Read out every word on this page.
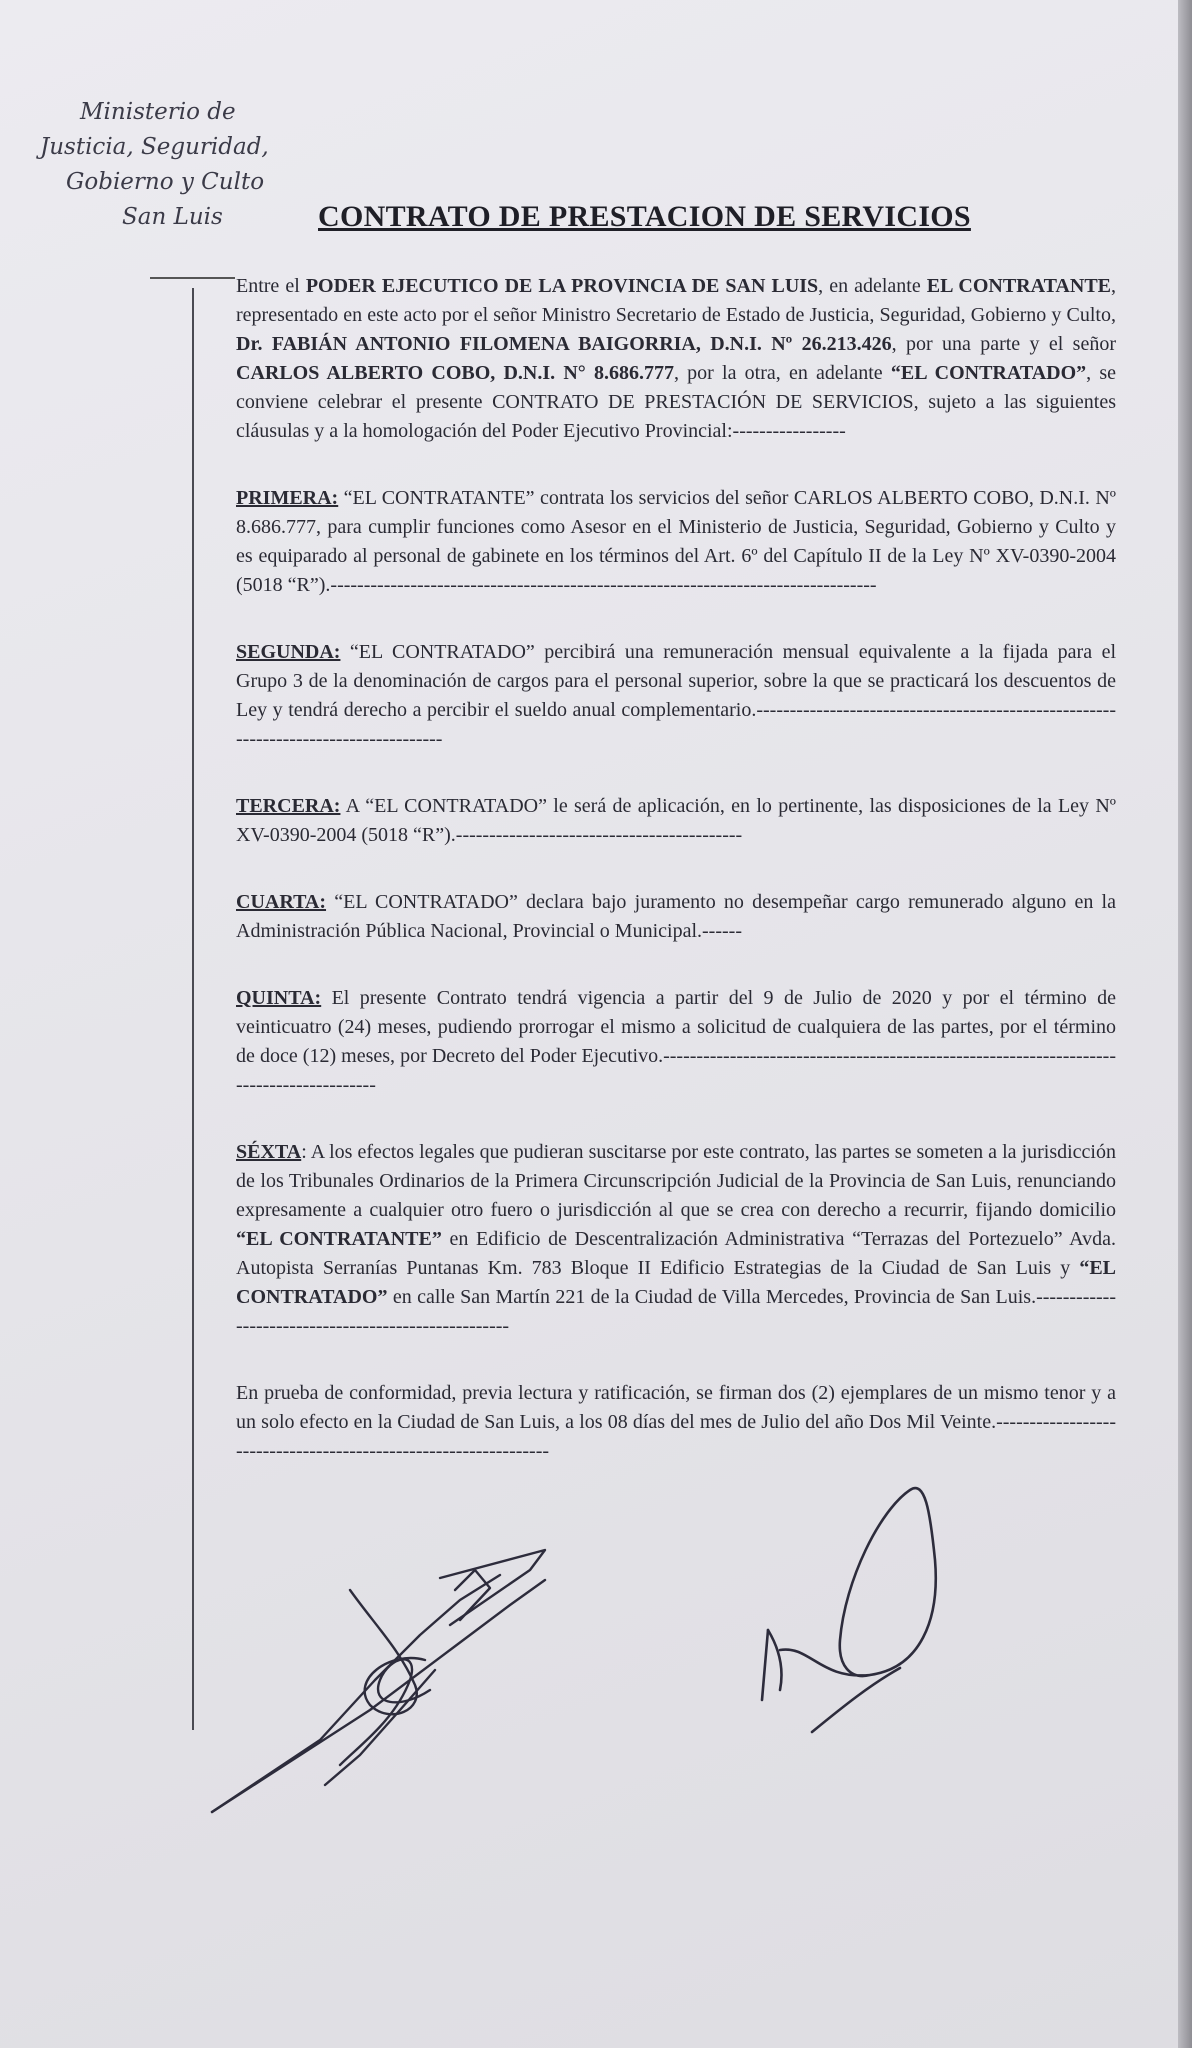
Ministerio de
Justicia, Seguridad,
Gobierno y Culto
San Luis	CONTRATO DE PRESTACION DE SERVICIOS

Entre el PODER EJECUTICO DE LA PROVINCIA DE SAN LUIS, en adelante EL CONTRATANTE, representado en este acto por el señor Ministro Secretario de Estado de Justicia, Seguridad, Gobierno y Culto, Dr. FABIÁN ANTONIO FILOMENA BAIGORRIA, D.N.I. Nº 26.213.426, por una parte y el señor CARLOS ALBERTO COBO, D.N.I. N° 8.686.777, por la otra, en adelante “EL CONTRATADO”, se conviene celebrar el presente CONTRATO DE PRESTACIÓN DE SERVICIOS, sujeto a las siguientes cláusulas y a la homologación del Poder Ejecutivo Provincial:-----------------

PRIMERA: “EL CONTRATANTE” contrata los servicios del señor CARLOS ALBERTO COBO, D.N.I. Nº 8.686.777, para cumplir funciones como Asesor en el Ministerio de Justicia, Seguridad, Gobierno y Culto y es equiparado al personal de gabinete en los términos del Art. 6º del Capítulo II de la Ley Nº XV-0390-2004 (5018 “R”).----------------------------------------------------------------------------------

SEGUNDA: “EL CONTRATADO” percibirá una remuneración mensual equivalente a la fijada para el Grupo 3 de la denominación de cargos para el personal superior, sobre la que se practicará los descuentos de Ley y tendrá derecho a percibir el sueldo anual complementario.-------------------------------------------------------------------------------------

TERCERA: A “EL CONTRATADO” le será de aplicación, en lo pertinente, las disposiciones de la Ley Nº XV-0390-2004 (5018 “R”).-------------------------------------------

CUARTA: “EL CONTRATADO” declara bajo juramento no desempeñar cargo remunerado alguno en la Administración Pública Nacional, Provincial o Municipal.------

QUINTA: El presente Contrato tendrá vigencia a partir del 9 de Julio de 2020 y por el término de veinticuatro (24) meses, pudiendo prorrogar el mismo a solicitud de cualquiera de las partes, por el término de doce (12) meses, por Decreto del Poder Ejecutivo.-----------------------------------------------------------------------------------------

SÉXTA: A los efectos legales que pudieran suscitarse por este contrato, las partes se someten a la jurisdicción de los Tribunales Ordinarios de la Primera Circunscripción Judicial de la Provincia de San Luis, renunciando expresamente a cualquier otro fuero o jurisdicción al que se crea con derecho a recurrir, fijando domicilio “EL CONTRATANTE” en Edificio de Descentralización Administrativa “Terrazas del Portezuelo” Avda. Autopista Serranías Puntanas Km. 783 Bloque II Edificio Estrategias de la Ciudad de San Luis y “EL CONTRATADO” en calle San Martín 221 de la Ciudad de Villa Mercedes, Provincia de San Luis.-----------------------------------------------------

En prueba de conformidad, previa lectura y ratificación, se firman dos (2) ejemplares de un mismo tenor y a un solo efecto en la Ciudad de San Luis, a los 08 días del mes de Julio del año Dos Mil Veinte.-----------------------------------------------------------------
